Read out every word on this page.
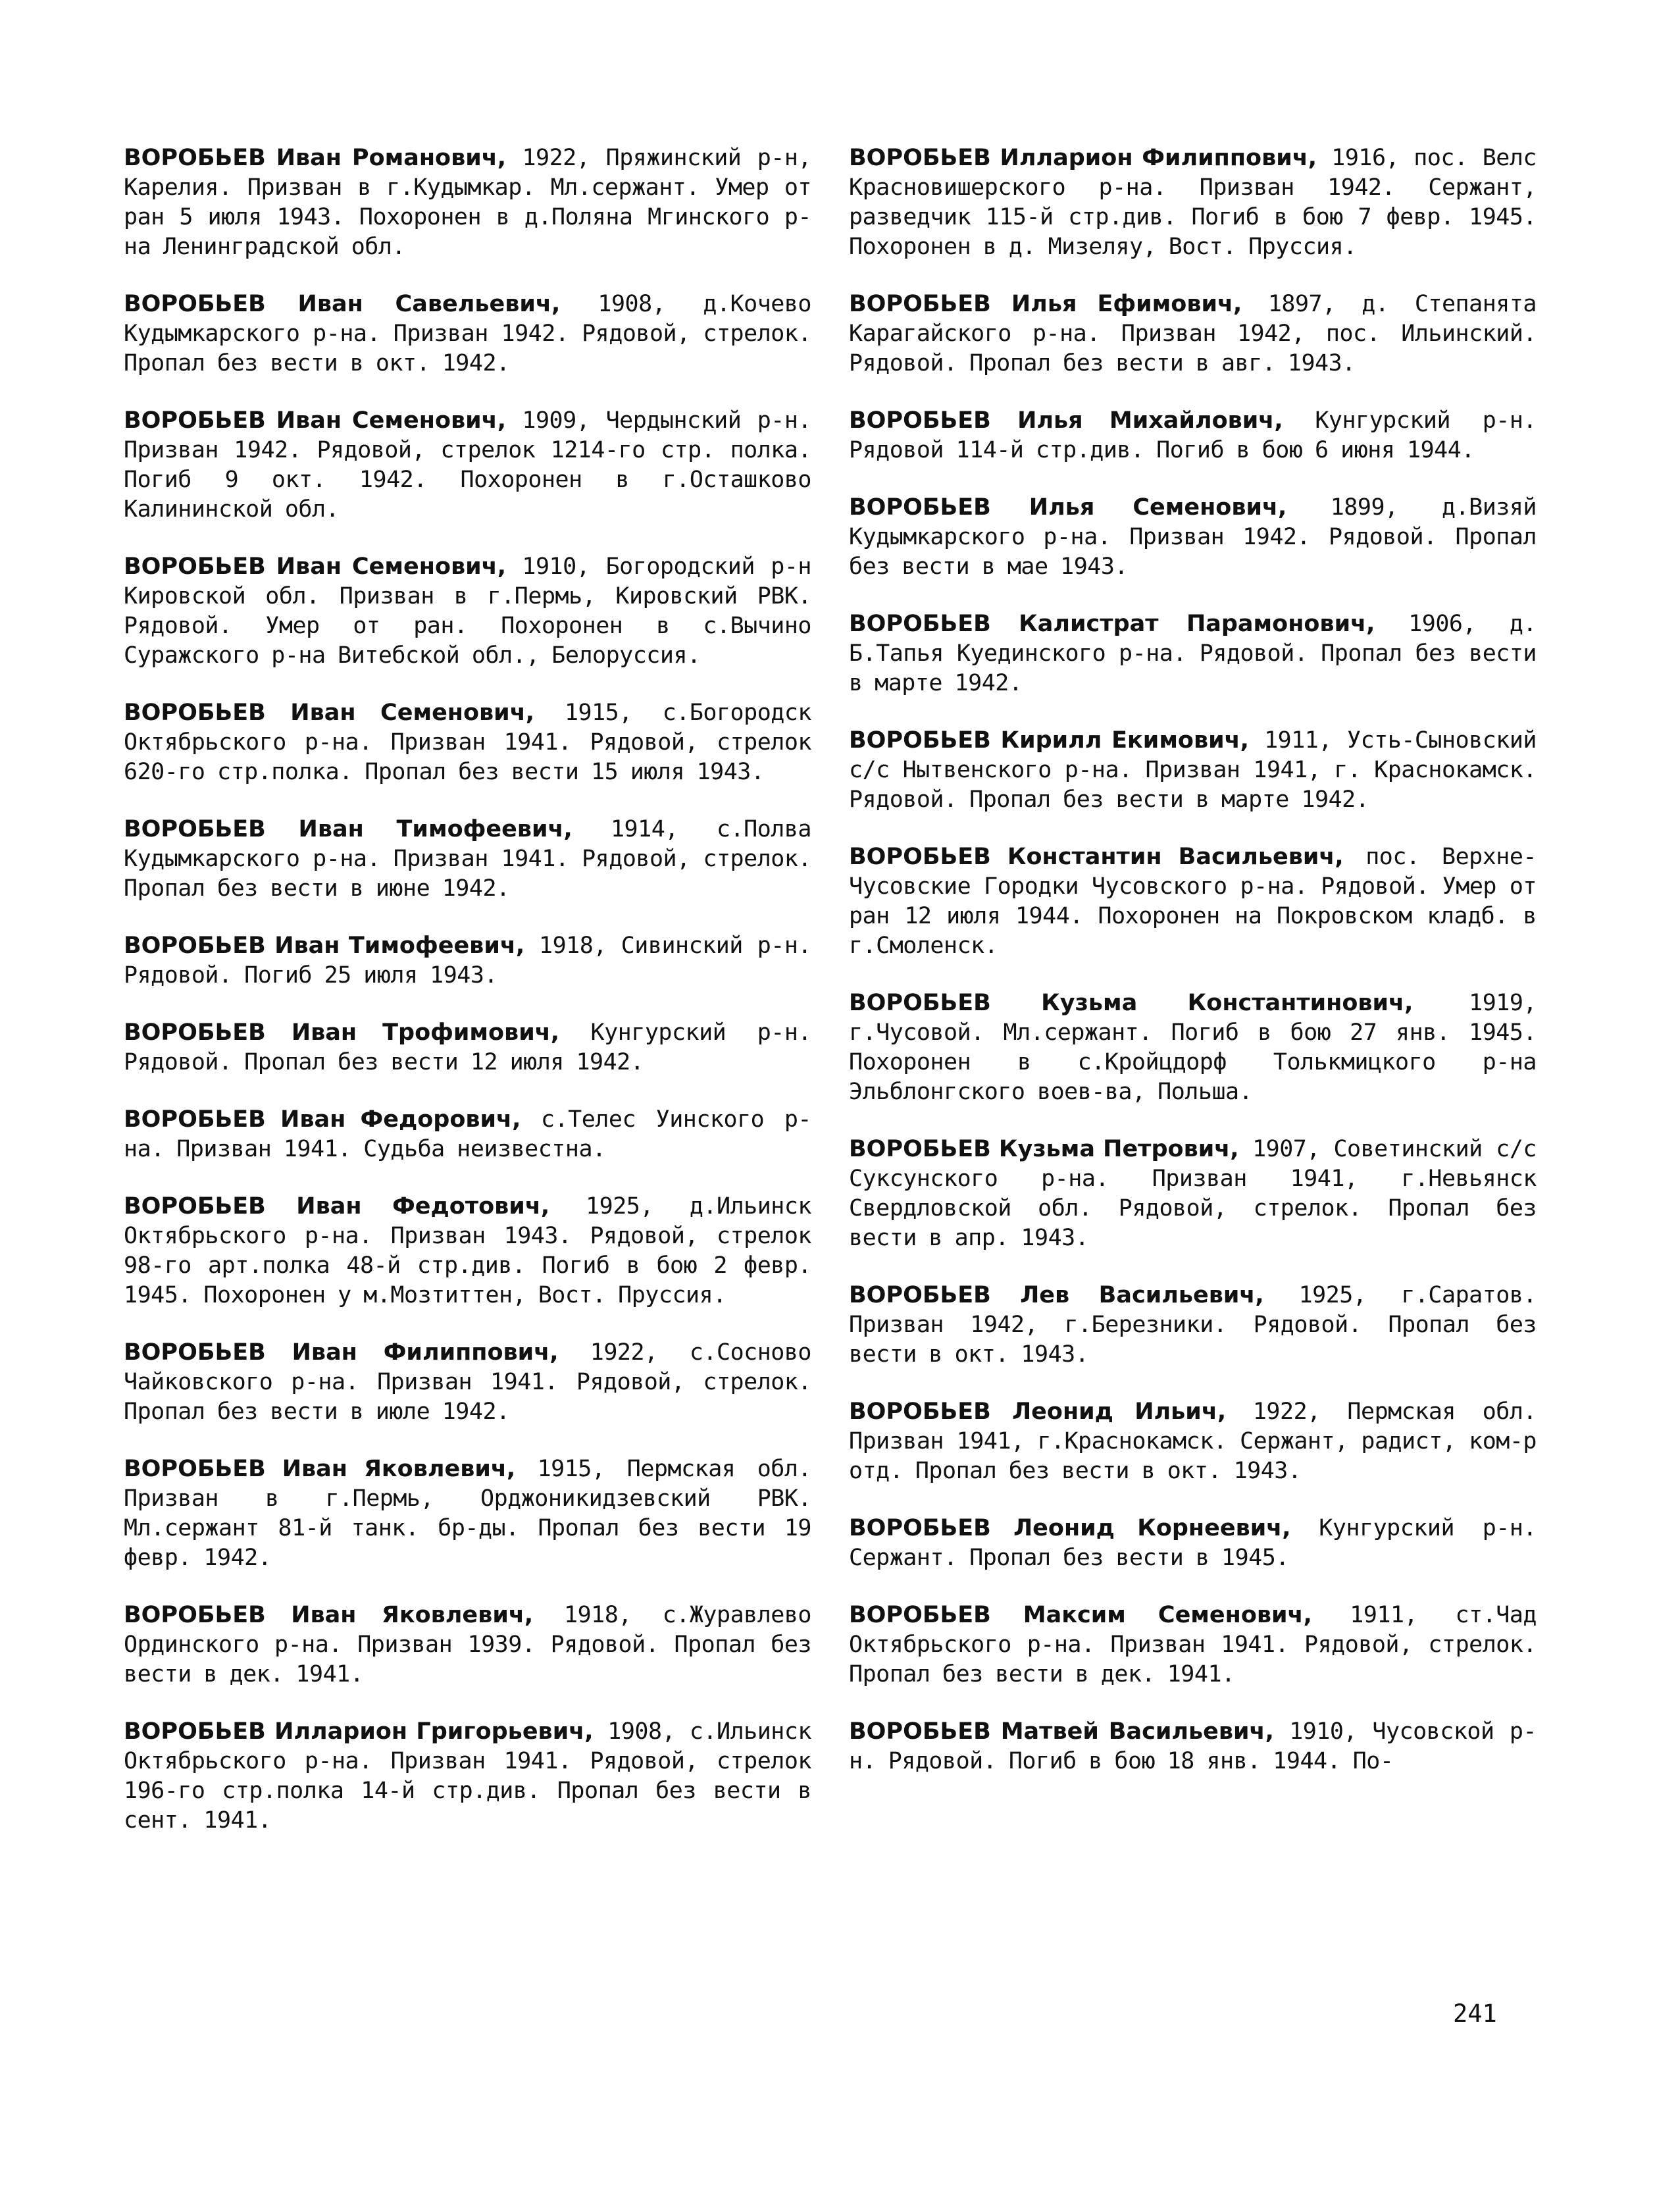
ВОРОБЬЕВ Иван Романович, 1922, Пряжинский р-н, Карелия. Призван в г.Кудымкар. Мл.сержант. Умер от ран 5 июля 1943. Похоронен в д.Поляна Мгинского р-на Ленинградской обл.

ВОРОБЬЕВ Иван Савельевич, 1908, д.Кочево Кудымкарского р-на. Призван 1942. Рядовой, стрелок. Пропал без вести в окт. 1942.

ВОРОБЬЕВ Иван Семенович, 1909, Чердынский р-н. Призван 1942. Рядовой, стрелок 1214-го стр. полка. Погиб 9 окт. 1942. Похоронен в г.Осташково Калининской обл.

ВОРОБЬЕВ Иван Семенович, 1910, Богородский р-н Кировской обл. Призван в г.Пермь, Кировский РВК. Рядовой. Умер от ран. Похоронен в с.Вычино Суражского р-на Витебской обл., Белоруссия.

ВОРОБЬЕВ Иван Семенович, 1915, с.Богородск Октябрьского р-на. Призван 1941. Рядовой, стрелок 620-го стр.полка. Пропал без вести 15 июля 1943.

ВОРОБЬЕВ Иван Тимофеевич, 1914, с.Полва Кудымкарского р-на. Призван 1941. Рядовой, стрелок. Пропал без вести в июне 1942.

ВОРОБЬЕВ Иван Тимофеевич, 1918, Сивинский р-н. Рядовой. Погиб 25 июля 1943.

ВОРОБЬЕВ Иван Трофимович, Кунгурский р-н. Рядовой. Пропал без вести 12 июля 1942.

ВОРОБЬЕВ Иван Федорович, с.Телес Уинского р-на. Призван 1941. Судьба неизвестна.

ВОРОБЬЕВ Иван Федотович, 1925, д.Ильинск Октябрьского р-на. Призван 1943. Рядовой, стрелок 98-го арт.полка 48-й стр.див. Погиб в бою 2 февр. 1945. Похоронен у м.Мозтиттен, Вост. Пруссия.

ВОРОБЬЕВ Иван Филиппович, 1922, с.Сосново Чайковского р-на. Призван 1941. Рядовой, стрелок. Пропал без вести в июле 1942.

ВОРОБЬЕВ Иван Яковлевич, 1915, Пермская обл. Призван в г.Пермь, Орджоникидзевский РВК. Мл.сержант 81-й танк. бр-ды. Пропал без вести 19 февр. 1942.

ВОРОБЬЕВ Иван Яковлевич, 1918, с.Журавлево Ординского р-на. Призван 1939. Рядовой. Пропал без вести в дек. 1941.

ВОРОБЬЕВ Илларион Григорьевич, 1908, с.Ильинск Октябрьского р-на. Призван 1941. Рядовой, стрелок 196-го стр.полка 14-й стр.див. Пропал без вести в сент. 1941.

ВОРОБЬЕВ Илларион Филиппович, 1916, пос. Велс Красновишерского р-на. Призван 1942. Сержант, разведчик 115-й стр.див. Погиб в бою 7 февр. 1945. Похоронен в д. Мизеляу, Вост. Пруссия.

ВОРОБЬЕВ Илья Ефимович, 1897, д. Степанята Карагайского р-на. Призван 1942, пос. Ильинский. Рядовой. Пропал без вести в авг. 1943.

ВОРОБЬЕВ Илья Михайлович, Кунгурский р-н. Рядовой 114-й стр.див. Погиб в бою 6 июня 1944.

ВОРОБЬЕВ Илья Семенович, 1899, д.Визяй Кудымкарского р-на. Призван 1942. Рядовой. Пропал без вести в мае 1943.

ВОРОБЬЕВ Калистрат Парамонович, 1906, д. Б.Тапья Куединского р-на. Рядовой. Пропал без вести в марте 1942.

ВОРОБЬЕВ Кирилл Екимович, 1911, Усть-Сыновский с/с Нытвенского р-на. Призван 1941, г. Краснокамск. Рядовой. Пропал без вести в марте 1942.

ВОРОБЬЕВ Константин Васильевич, пос. Верхне-Чусовские Городки Чусовского р-на. Рядовой. Умер от ран 12 июля 1944. Похоронен на Покровском кладб. в г.Смоленск.

ВОРОБЬЕВ Кузьма Константинович, 1919, г.Чусовой. Мл.сержант. Погиб в бою 27 янв. 1945. Похоронен в с.Кройцдорф Толькмицкого р-на Эльблонгского воев-ва, Польша.

ВОРОБЬЕВ Кузьма Петрович, 1907, Советинский с/с Суксунского р-на. Призван 1941, г.Невьянск Свердловской обл. Рядовой, стрелок. Пропал без вести в апр. 1943.

ВОРОБЬЕВ Лев Васильевич, 1925, г.Саратов. Призван 1942, г.Березники. Рядовой. Пропал без вести в окт. 1943.

ВОРОБЬЕВ Леонид Ильич, 1922, Пермская обл. Призван 1941, г.Краснокамск. Сержант, радист, ком-р отд. Пропал без вести в окт. 1943.

ВОРОБЬЕВ Леонид Корнеевич, Кунгурский р-н. Сержант. Пропал без вести в 1945.

ВОРОБЬЕВ Максим Семенович, 1911, ст.Чад Октябрьского р-на. Призван 1941. Рядовой, стрелок. Пропал без вести в дек. 1941.

ВОРОБЬЕВ Матвей Васильевич, 1910, Чусовской р-н. Рядовой. Погиб в бою 18 янв. 1944. По-

241
